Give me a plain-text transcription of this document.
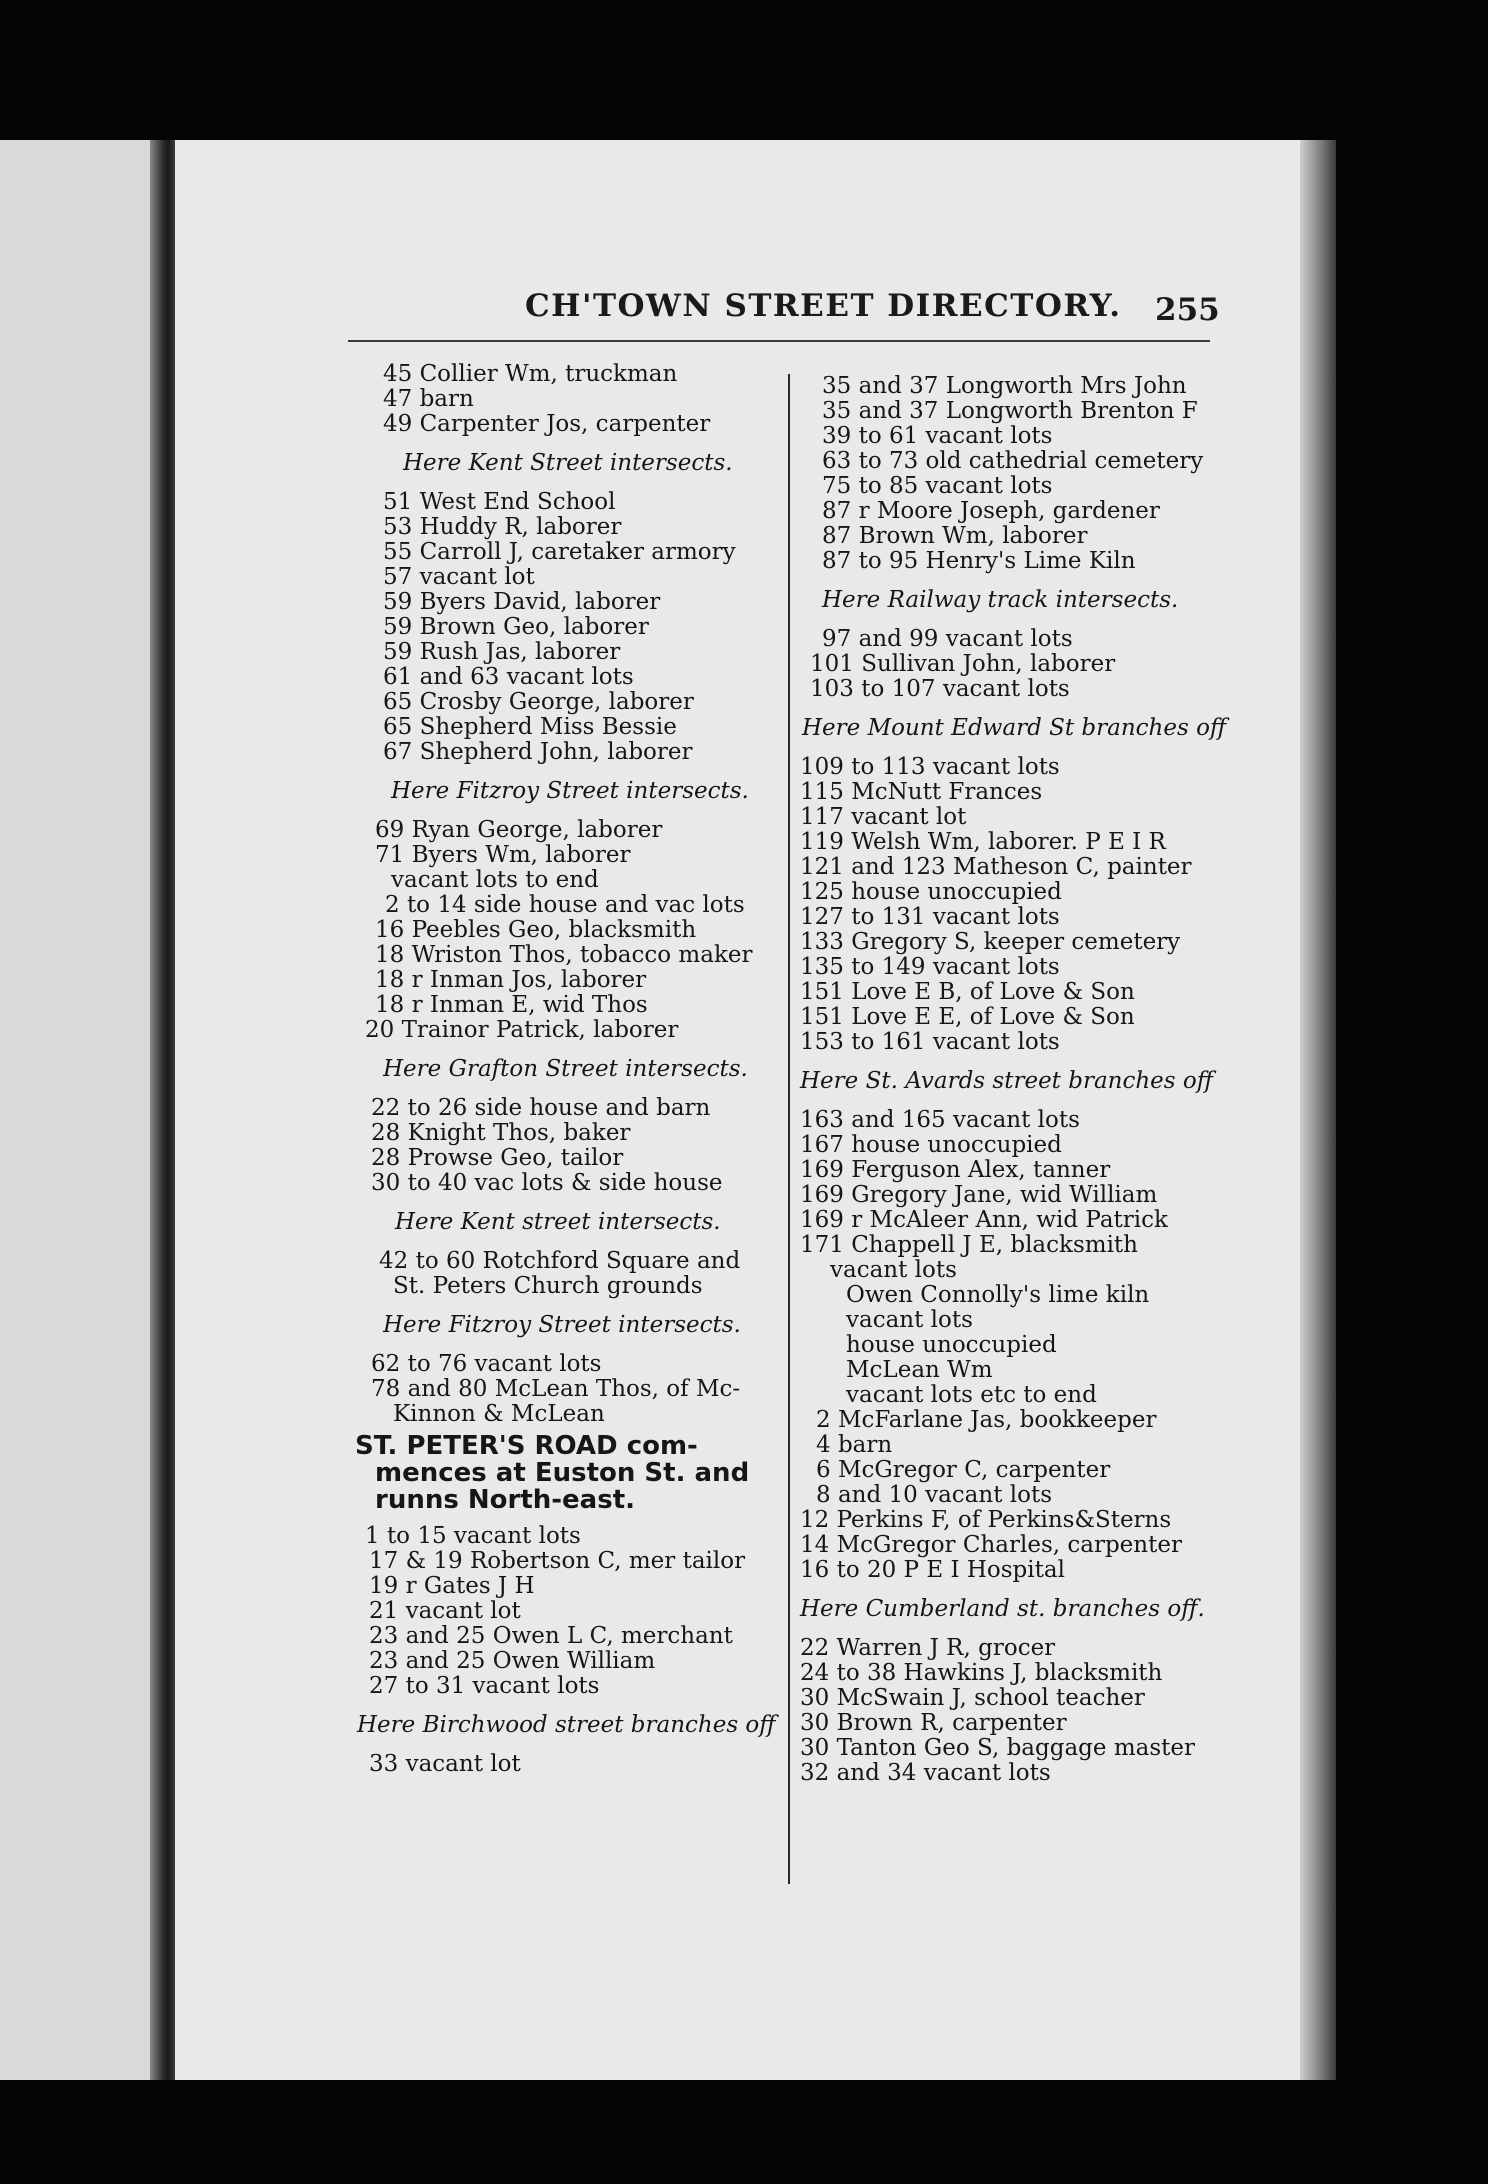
CH'TOWN STREET DIRECTORY. 255
45 Collier Wm, truckman
47 barn
49 Carpenter Jos, carpenter
Here Kent Street intersects.
51 West End School
53 Huddy R, laborer
55 Carroll J, caretaker armory
57 vacant lot
59 Byers David, laborer
59 Brown Geo, laborer
59 Rush Jas, laborer
61 and 63 vacant lots
65 Crosby George, laborer
65 Shepherd Miss Bessie
67 Shepherd John, laborer
Here Fitzroy Street intersects.
69 Ryan George, laborer
71 Byers Wm, laborer
vacant lots to end
2 to 14 side house and vac lots
16 Peebles Geo, blacksmith
18 Wriston Thos, tobacco maker
18 r Inman Jos, laborer
18 r Inman E, wid Thos
20 Trainor Patrick, laborer
Here Grafton Street intersects.
22 to 26 side house and barn
28 Knight Thos, baker
28 Prowse Geo, tailor
30 to 40 vac lots & side house
Here Kent street intersects.
42 to 60 Rotchford Square and
St. Peters Church grounds
Here Fitzroy Street intersects.
62 to 76 vacant lots
78 and 80 McLean Thos, of Mc-
Kinnon & McLean
ST. PETER'S ROAD com-
mences at Euston St. and
runns North-east.
1 to 15 vacant lots
17 & 19 Robertson C, mer tailor
19 r Gates J H
21 vacant lot
23 and 25 Owen L C, merchant
23 and 25 Owen William
27 to 31 vacant lots
Here Birchwood street branches off
33 vacant lot
35 and 37 Longworth Mrs John
35 and 37 Longworth Brenton F
39 to 61 vacant lots
63 to 73 old cathedrial cemetery
75 to 85 vacant lots
87 r Moore Joseph, gardener
87 Brown Wm, laborer
87 to 95 Henry's Lime Kiln
Here Railway track intersects.
97 and 99 vacant lots
101 Sullivan John, laborer
103 to 107 vacant lots
Here Mount Edward St branches off
109 to 113 vacant lots
115 McNutt Frances
117 vacant lot
119 Welsh Wm, laborer. P E I R
121 and 123 Matheson C, painter
125 house unoccupied
127 to 131 vacant lots
133 Gregory S, keeper cemetery
135 to 149 vacant lots
151 Love E B, of Love & Son
151 Love E E, of Love & Son
153 to 161 vacant lots
Here St. Avards street branches off
163 and 165 vacant lots
167 house unoccupied
169 Ferguson Alex, tanner
169 Gregory Jane, wid William
169 r McAleer Ann, wid Patrick
171 Chappell J E, blacksmith
vacant lots
Owen Connolly's lime kiln
vacant lots
house unoccupied
McLean Wm
vacant lots etc to end
2 McFarlane Jas, bookkeeper
4 barn
6 McGregor C, carpenter
8 and 10 vacant lots
12 Perkins F, of Perkins&Sterns
14 McGregor Charles, carpenter
16 to 20 P E I Hospital
Here Cumberland st. branches off.
22 Warren J R, grocer
24 to 38 Hawkins J, blacksmith
30 McSwain J, school teacher
30 Brown R, carpenter
30 Tanton Geo S, baggage master
32 and 34 vacant lots
